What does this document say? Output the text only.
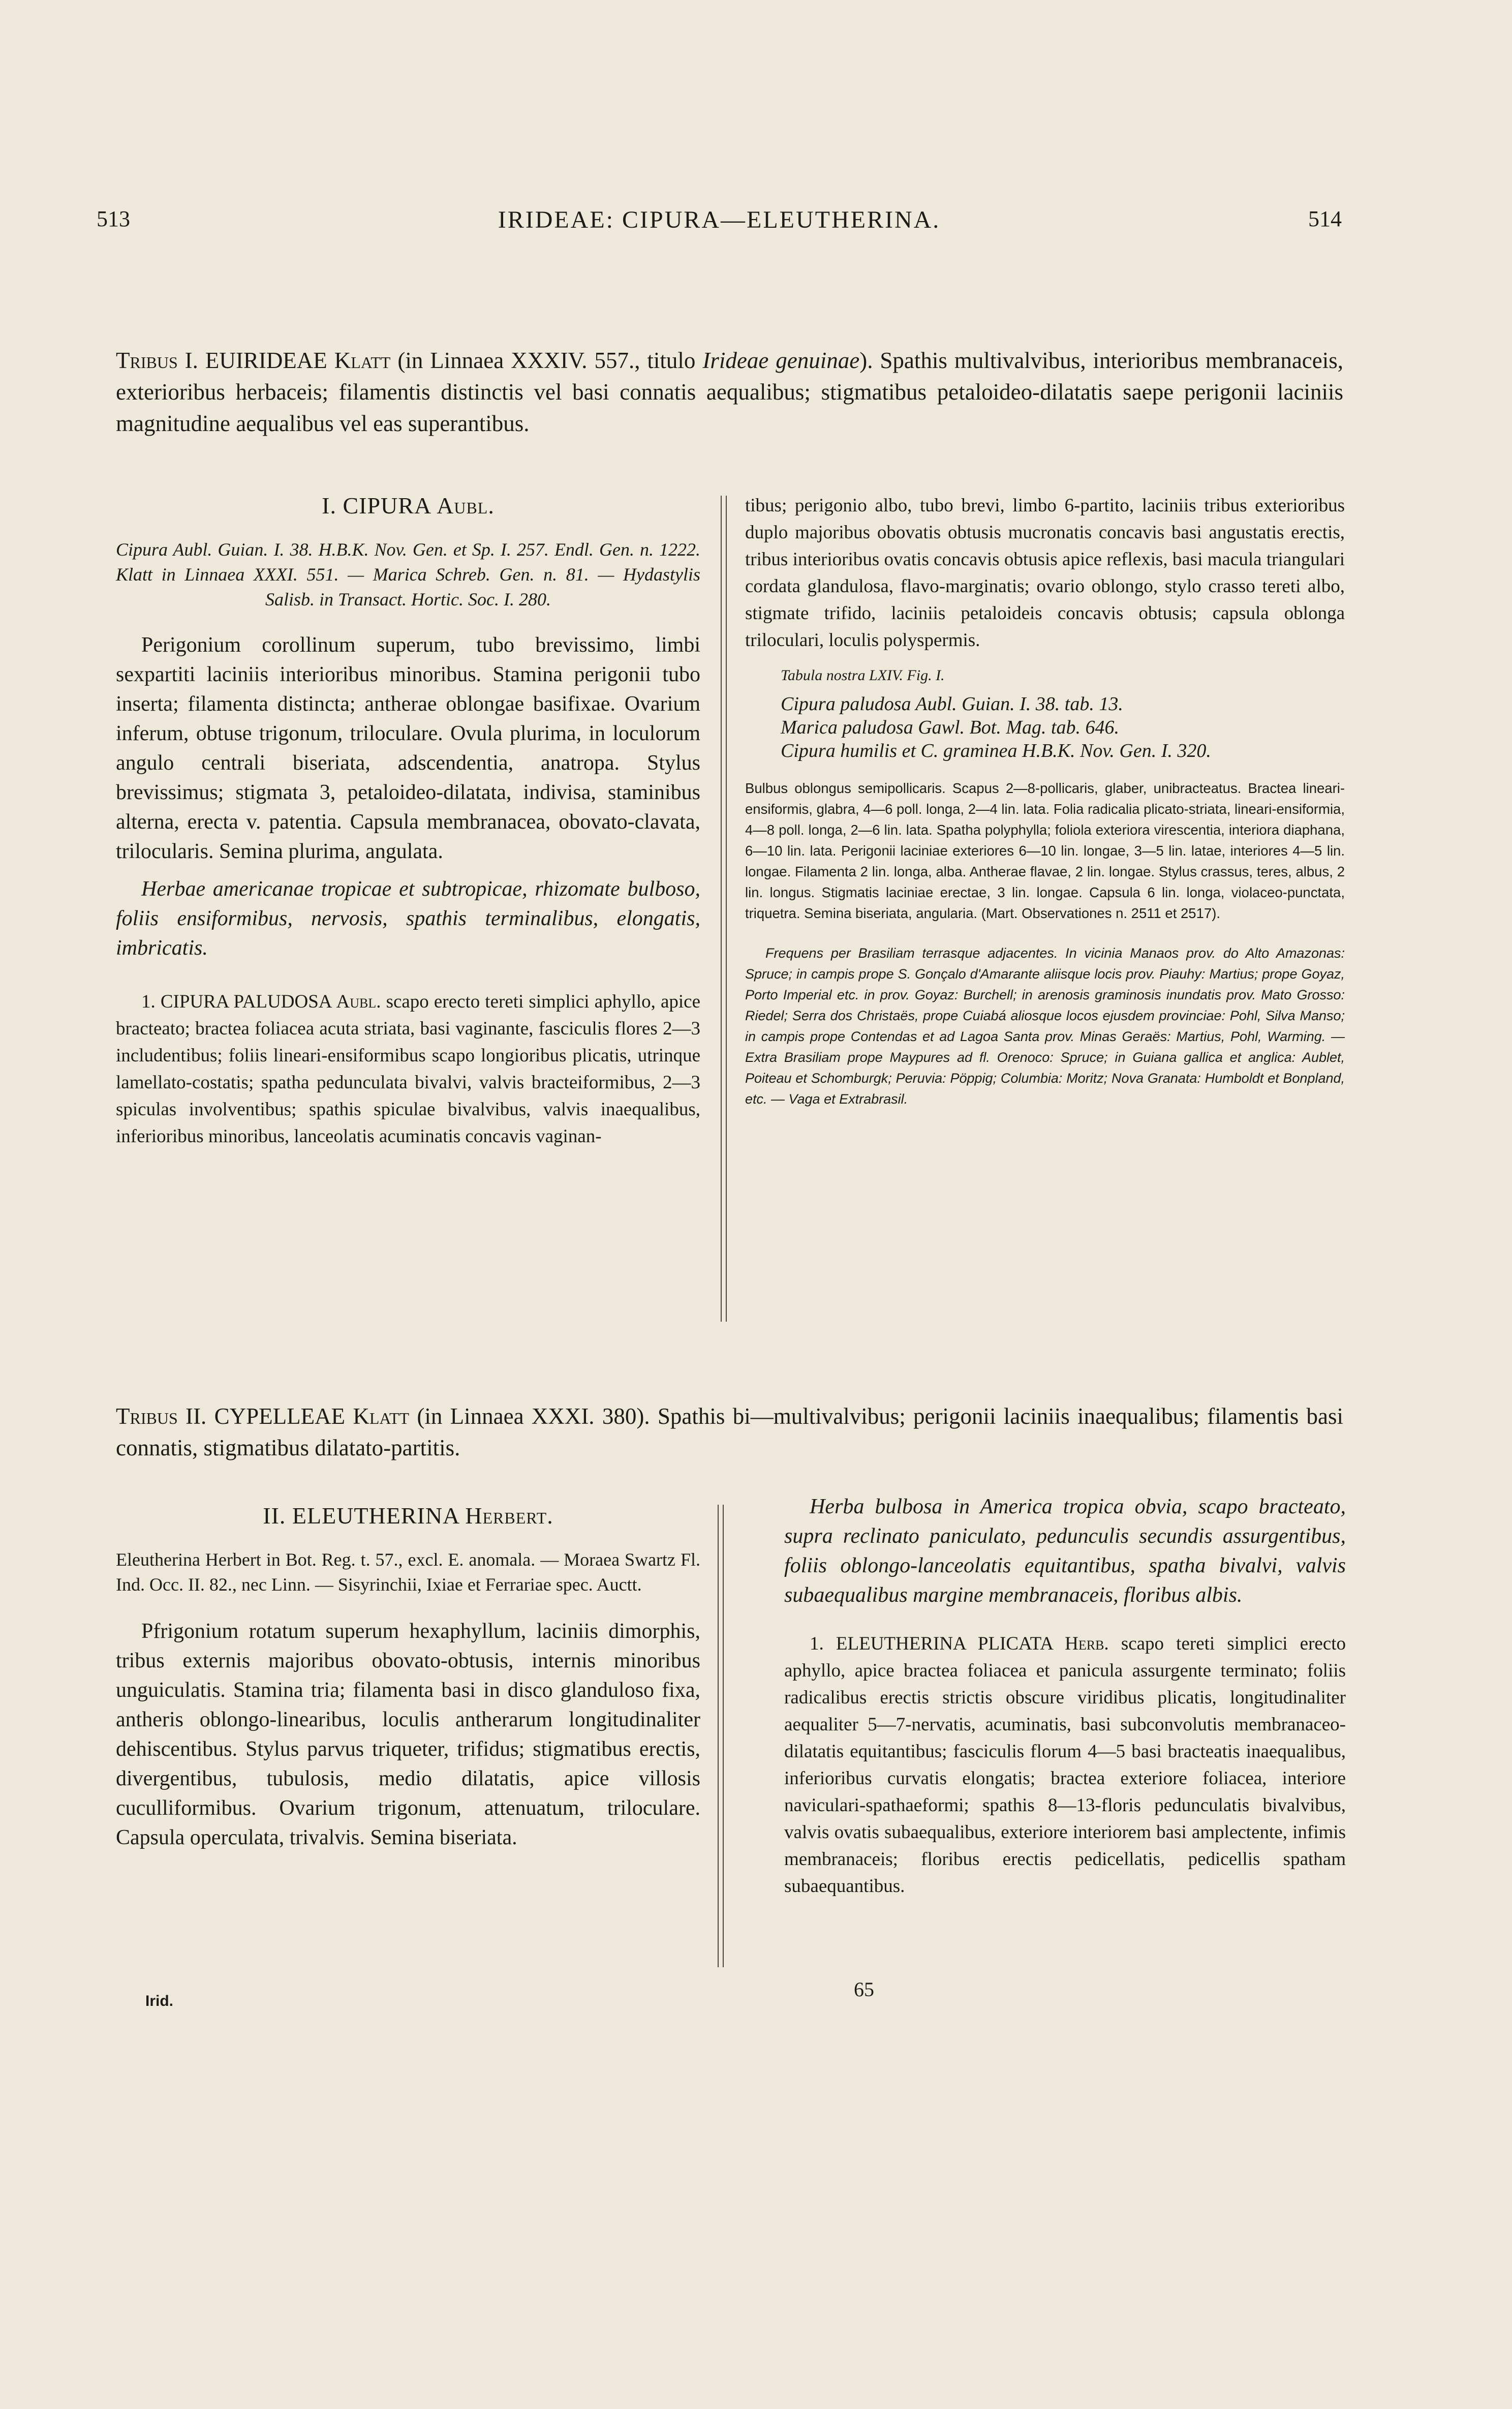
513	IRIDEAE: CIPURA—ELEUTHERINA.	514
Tribus I. EUIRIDEAE Klatt (in Linnaea XXXIV. 557., titulo Irideae genuinae). Spathis multivalvibus, interioribus membranaceis, exterioribus herbaceis; filamentis distinctis vel basi connatis aequalibus; stigmatibus petaloideo-dilatatis saepe perigonii laciniis magnitudine aequalibus vel eas superantibus.
I. CIPURA Aubl.

Cipura Aubl. Guian. I. 38. H.B.K. Nov. Gen. et Sp. I. 257. Endl. Gen. n. 1222. Klatt in Linnaea XXXI. 551. — Marica Schreb. Gen. n. 81. — Hydastylis Salisb. in Transact. Hortic. Soc. I. 280.

Perigonium corollinum superum, tubo brevissimo, limbi sexpartiti laciniis interioribus minoribus. Stamina perigonii tubo inserta; filamenta distincta; antherae oblongae basifixae. Ovarium inferum, obtuse trigonum, triloculare. Ovula plurima, in loculorum angulo centrali biseriata, adscendentia, anatropa. Stylus brevissimus; stigmata 3, petaloideo-dilatata, indivisa, staminibus alterna, erecta v. patentia. Capsula membranacea, obovato-clavata, trilocularis. Semina plurima, angulata.

Herbae americanae tropicae et subtropicae, rhizomate bulboso, foliis ensiformibus, nervosis, spathis terminalibus, elongatis, imbricatis.

1. CIPURA PALUDOSA Aubl. scapo erecto tereti simplici aphyllo, apice bracteato; bractea foliacea acuta striata, basi vaginante, fasciculis flores 2—3 includentibus; foliis lineari-ensiformibus scapo longioribus plicatis, utrinque lamellato-costatis; spatha pedunculata bivalvi, valvis bracteiformibus, 2—3 spiculas involventibus; spathis spiculae bivalvibus, valvis inaequalibus, inferioribus minoribus, lanceolatis acuminatis concavis vaginan-

tibus; perigonio albo, tubo brevi, limbo 6-partito, laciniis tribus exterioribus duplo majoribus obovatis obtusis mucronatis concavis basi angustatis erectis, tribus interioribus ovatis concavis obtusis apice reflexis, basi macula triangulari cordata glandulosa, flavo-marginatis; ovario oblongo, stylo crasso tereti albo, stigmate trifido, laciniis petaloideis concavis obtusis; capsula oblonga triloculari, loculis polyspermis.

Tabula nostra LXIV. Fig. I.
Cipura paludosa Aubl. Guian. I. 38. tab. 13.
Marica paludosa Gawl. Bot. Mag. tab. 646.
Cipura humilis et C. graminea H.B.K. Nov. Gen. I. 320.

Bulbus oblongus semipollicaris. Scapus 2—8-pollicaris, glaber, unibracteatus. Bractea lineari-ensiformis, glabra, 4—6 poll. longa, 2—4 lin. lata. Folia radicalia plicato-striata, lineari-ensiformia, 4—8 poll. longa, 2—6 lin. lata. Spatha polyphylla; foliola exteriora virescentia, interiora diaphana, 6—10 lin. lata. Perigonii laciniae exteriores 6—10 lin. longae, 3—5 lin. latae, interiores 4—5 lin. longae. Filamenta 2 lin. longa, alba. Antherae flavae, 2 lin. longae. Stylus crassus, teres, albus, 2 lin. longus. Stigmatis laciniae erectae, 3 lin. longae. Capsula 6 lin. longa, violaceo-punctata, triquetra. Semina biseriata, angularia. (Mart. Observationes n. 2511 et 2517).

Frequens per Brasiliam terrasque adjacentes. In vicinia Manaos prov. do Alto Amazonas: Spruce; in campis prope S. Gonçalo d'Amarante aliisque locis prov. Piauhy: Martius; prope Goyaz, Porto Imperial etc. in prov. Goyaz: Burchell; in arenosis graminosis inundatis prov. Mato Grosso: Riedel; Serra dos Christaës, prope Cuiabá aliosque locos ejusdem provinciae: Pohl, Silva Manso; in campis prope Contendas et ad Lagoa Santa prov. Minas Geraës: Martius, Pohl, Warming. — Extra Brasiliam prope Maypures ad fl. Orenoco: Spruce; in Guiana gallica et anglica: Aublet, Poiteau et Schomburgk; Peruvia: Pöppig; Columbia: Moritz; Nova Granata: Humboldt et Bonpland, etc. — Vaga et Extrabrasil.

Tribus II. CYPELLEAE Klatt (in Linnaea XXXI. 380). Spathis bi—multivalvibus; perigonii laciniis inaequalibus; filamentis basi connatis, stigmatibus dilatato-partitis.
II. ELEUTHERINA Herbert.

Eleutherina Herbert in Bot. Reg. t. 57., excl. E. anomala. — Moraea Swartz Fl. Ind. Occ. II. 82., nec Linn. — Sisyrinchii, Ixiae et Ferrariae spec. Auctt.

Pfrigonium rotatum superum hexaphyllum, laciniis dimorphis, tribus externis majoribus obovato-obtusis, internis minoribus unguiculatis. Stamina tria; filamenta basi in disco glanduloso fixa, antheris oblongo-linearibus, loculis antherarum longitudinaliter dehiscentibus. Stylus parvus triqueter, trifidus; stigmatibus erectis, divergentibus, tubulosis, medio dilatatis, apice villosis cuculliformibus. Ovarium trigonum, attenuatum, triloculare. Capsula operculata, trivalvis. Semina biseriata.

Herba bulbosa in America tropica obvia, scapo bracteato, supra reclinato paniculato, pedunculis secundis assurgentibus, foliis oblongo-lanceolatis equitantibus, spatha bivalvi, valvis subaequalibus margine membranaceis, floribus albis.

1. ELEUTHERINA PLICATA Herb. scapo tereti simplici erecto aphyllo, apice bractea foliacea et panicula assurgente terminato; foliis radicalibus erectis strictis obscure viridibus plicatis, longitudinaliter aequaliter 5—7-nervatis, acuminatis, basi subconvolutis membranaceo-dilatatis equitantibus; fasciculis florum 4—5 basi bracteatis inaequalibus, inferioribus curvatis elongatis; bractea exteriore foliacea, interiore naviculari-spathaeformi; spathis 8—13-floris pedunculatis bivalvibus, valvis ovatis subaequalibus, exteriore interiorem basi amplectente, infimis membranaceis; floribus erectis pedicellatis, pedicellis spatham subaequantibus.

Irid.
65
